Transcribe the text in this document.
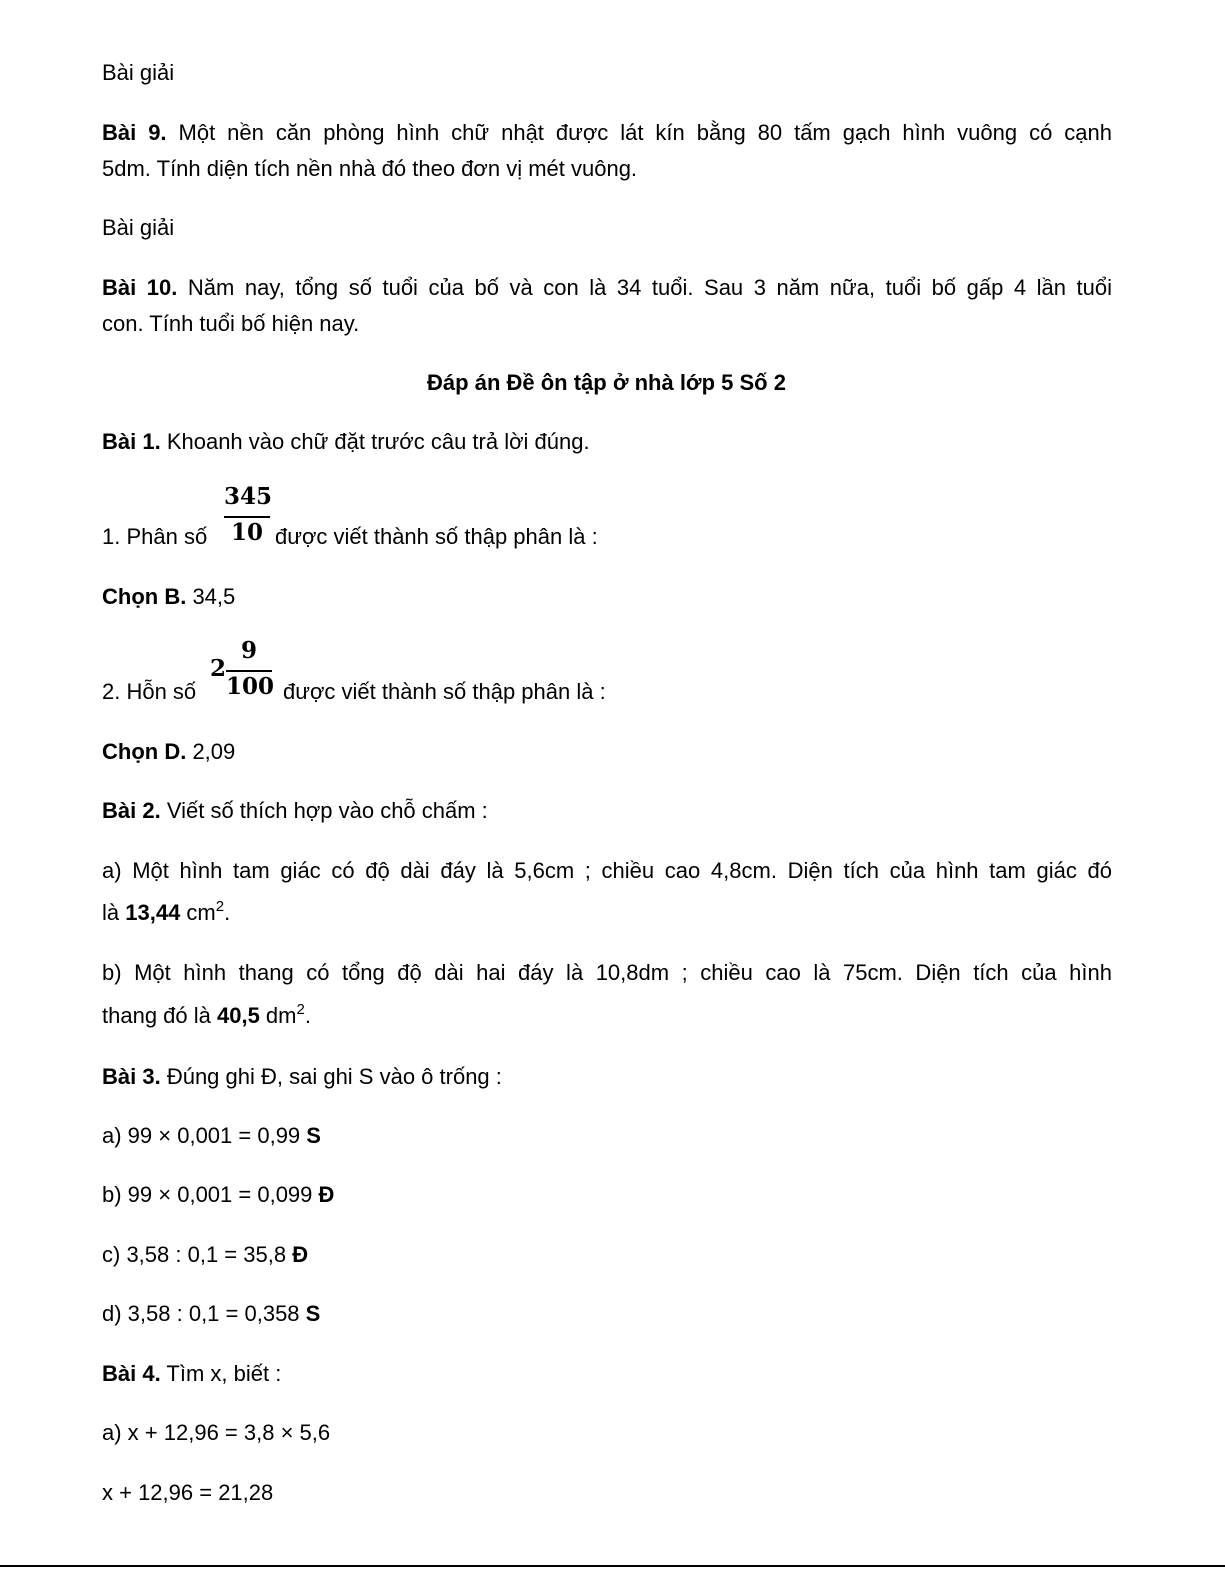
Bài giải
Bài 9. Một nền căn phòng hình chữ nhật được lát kín bằng 80 tấm gạch hình vuông có cạnh
5dm. Tính diện tích nền nhà đó theo đơn vị mét vuông.
Bài giải
Bài 10. Năm nay, tổng số tuổi của bố và con là 34 tuổi. Sau 3 năm nữa, tuổi bố gấp 4 lần tuổi
con. Tính tuổi bố hiện nay.
Đáp án Đề ôn tập ở nhà lớp 5 Số 2
Bài 1. Khoanh vào chữ đặt trước câu trả lời đúng.
1. Phân số
345
10 được viết thành số thập phân là :
Chọn B. 34,5
2. Hỗn số
2
9
100 được viết thành số thập phân là :
Chọn D. 2,09
Bài 2. Viết số thích hợp vào chỗ chấm :
a) Một hình tam giác có độ dài đáy là 5,6cm ; chiều cao 4,8cm. Diện tích của hình tam giác đó
là 13,44 $cm^2$.
b) Một hình thang có tổng độ dài hai đáy là 10,8dm ; chiều cao là 75cm. Diện tích của hình
thang đó là 40,5 $dm^2$.
Bài 3. Đúng ghi Đ, sai ghi S vào ô trống :
a) 99 × 0,001 = 0,99 S
b) 99 × 0,001 = 0,099 Đ
c) 3,58 : 0,1 = 35,8 Đ
d) 3,58 : 0,1 = 0,358 S
Bài 4. Tìm x, biết :
a) x + 12,96 = 3,8 × 5,6
x + 12,96 = 21,28
